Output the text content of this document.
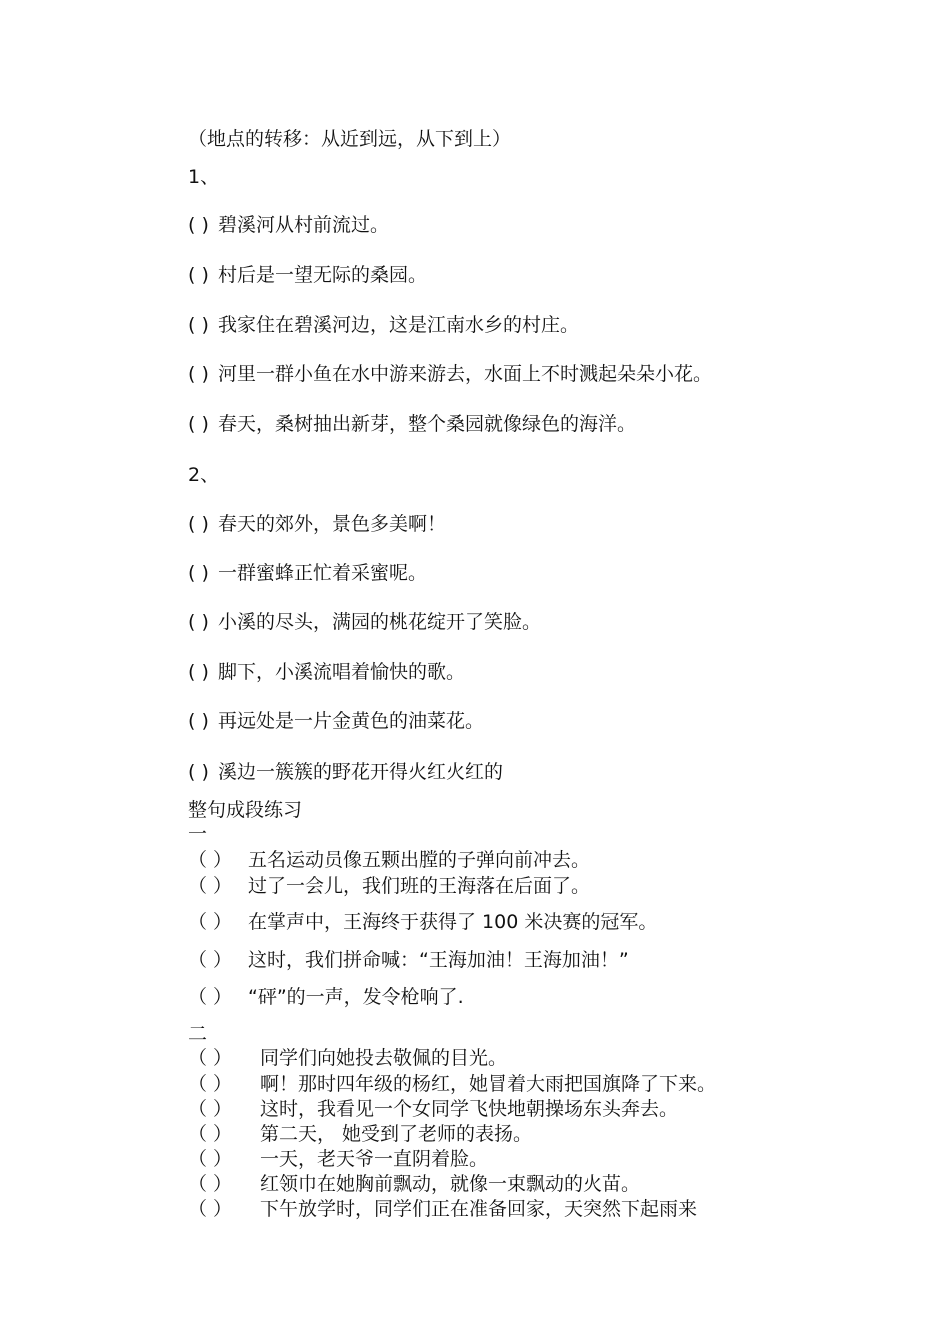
（地点的转移：从近到远，从下到上）
1、
( ) 碧溪河从村前流过。
( ) 村后是一望无际的桑园。
( ) 我家住在碧溪河边，这是江南水乡的村庄。
( ) 河里一群小鱼在水中游来游去，水面上不时溅起朵朵小花。
( ) 春天，桑树抽出新芽，整个桑园就像绿色的海洋。
2、
( ) 春天的郊外，景色多美啊！
( ) 一群蜜蜂正忙着采蜜呢。
( ) 小溪的尽头，满园的桃花绽开了笑脸。
( ) 脚下，小溪流唱着愉快的歌。
( ) 再远处是一片金黄色的油菜花。
( ) 溪边一簇簇的野花开得火红火红的
整句成段练习
一
（ ） 五名运动员像五颗出膛的子弹向前冲去。
（ ） 过了一会儿，我们班的王海落在后面了。
（ ） 在掌声中，王海终于获得了 100 米决赛的冠军。
（ ） 这时，我们拼命喊：“王海加油！王海加油！”
（ ） “砰”的一声，发令枪响了.
二
（ ） 同学们向她投去敬佩的目光。
（ ） 啊！那时四年级的杨红，她冒着大雨把国旗降了下来。
（ ） 这时，我看见一个女同学飞快地朝操场东头奔去。
（ ） 第二天， 她受到了老师的表扬。
（ ） 一天，老天爷一直阴着脸。
（ ） 红领巾在她胸前飘动，就像一束飘动的火苗。
（ ） 下午放学时，同学们正在准备回家，天突然下起雨来
